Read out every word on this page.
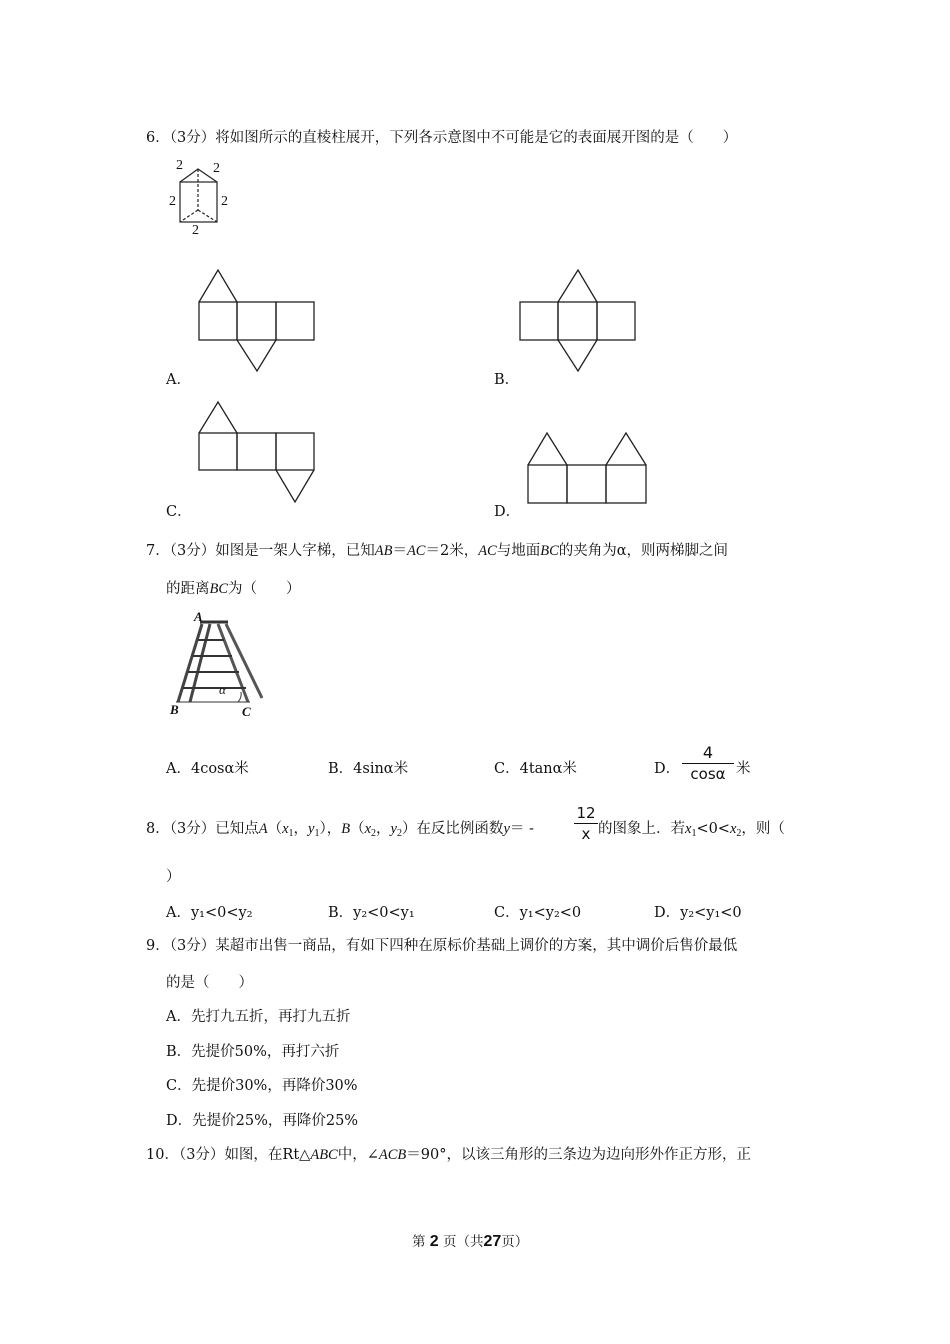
6．（3分）将如图所示的直棱柱展开，下列各示意图中不可能是它的表面展开图的是（　　）
2 2
2	2
2
A．	B．
C．	D．
7．（3分）如图是一架人字梯，已知AB＝AC＝2米，AC与地面BC的夹角为α，则两梯脚之间
的距离BC为（　　）
A
B	C
α
A．4cosα米	B．4sinα米	C．4tanα米	D．
4
cosα 米
8．（3分）已知点$A(x_1$，$y_1$），$B(x_2$，$y_2$）在反比例函数y＝ -
12
x 的图象上．若$x_1<0<x_2$，则（
）
A．y₁<0<y₂	B．y₂<0<y₁	C．y₁<y₂<0	D．y₂<y₁<0
9．（3分）某超市出售一商品，有如下四种在原标价基础上调价的方案，其中调价后售价最低
的是（　　）
A．先打九五折，再打九五折
B．先提价50%，再打六折
C．先提价30%，再降价30%
D．先提价25%，再降价25%
10．（3分）如图，在Rt△ABC中，∠ACB＝90°，以该三角形的三条边为边向形外作正方形，正
第 2 页（共27页）
